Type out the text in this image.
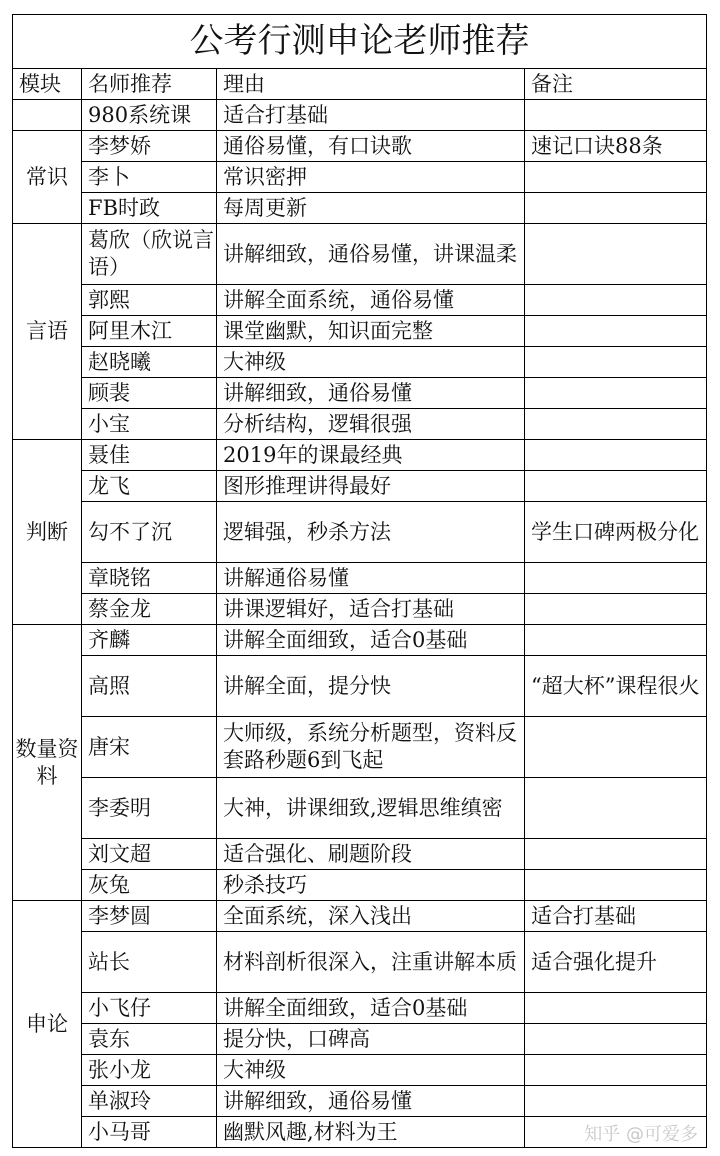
公考行测申论老师推荐			
模块	名师推荐	理由	备注
	980系统课	适合打基础	
常识	李梦娇	通俗易懂，有口诀歌	速记口诀88条
	李卜	常识密押	
	FB时政	每周更新	
言语	葛欣（欣说言语）	讲解细致，通俗易懂，讲课温柔	
	郭熙	讲解全面系统，通俗易懂	
	阿里木江	课堂幽默，知识面完整	
	赵晓曦	大神级	
	顾裴	讲解细致，通俗易懂	
	小宝	分析结构，逻辑很强	
判断	聂佳	2019年的课最经典	
	龙飞	图形推理讲得最好	
	勾不了沉	逻辑强，秒杀方法	学生口碑两极分化
	章晓铭	讲解通俗易懂	
	蔡金龙	讲课逻辑好，适合打基础	
数量资料	齐麟	讲解全面细致，适合0基础	
	高照	讲解全面，提分快	“超大杯”课程很火
	唐宋	大师级，系统分析题型，资料反套路秒题6到飞起	
	李委明	大神，讲课细致,逻辑思维缜密	
	刘文超	适合强化、刷题阶段	
	灰兔	秒杀技巧	
申论	李梦圆	全面系统，深入浅出	适合打基础
	站长	材料剖析很深入，注重讲解本质	适合强化提升
	小飞仔	讲解全面细致，适合0基础	
	袁东	提分快，口碑高	
	张小龙	大神级	
	单淑玲	讲解细致，通俗易懂	
	小马哥	幽默风趣,材料为王		知乎 @可爱多
